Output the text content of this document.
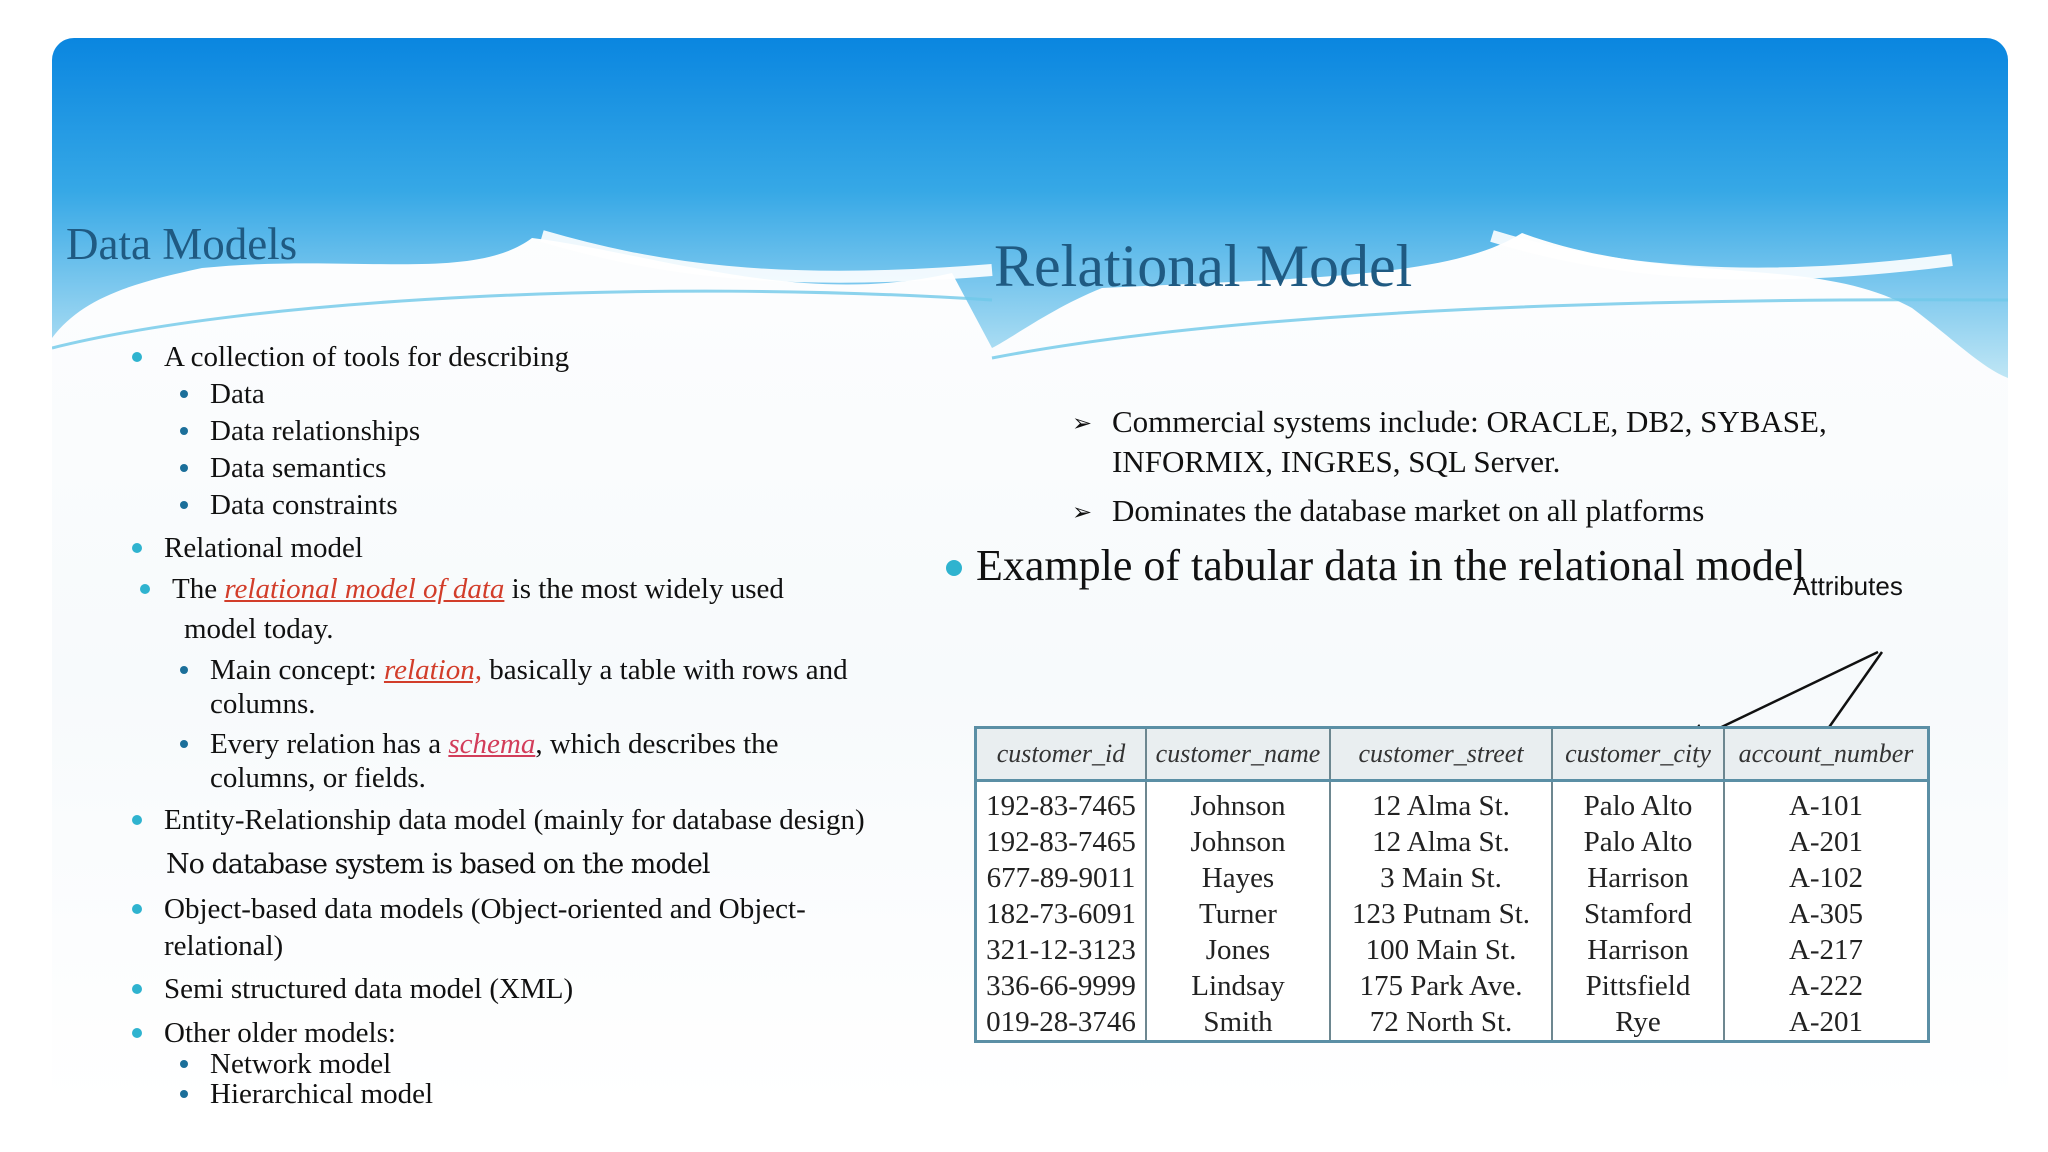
Data Models
A collection of tools for describing
Data
Data relationships
Data semantics
Data constraints
Relational model
The relational model of data is the most widely used
model today.
Main concept: relation, basically a table with rows and
columns.
Every relation has a schema, which describes the
columns, or fields.
Entity-Relationship data model (mainly for database design)
No database system is based on the model
Object-based data models (Object-oriented and Object-
relational)
Semi structured data model (XML)
Other older models:
Network model
Hierarchical model
Relational Model
➢ Commercial systems include: ORACLE, DB2, SYBASE,
INFORMIX, INGRES, SQL Server.
➢ Dominates the database market on all platforms
Example of tabular data in the relational model
Attributes
customer_id	customer_name	customer_street	customer_city	account_number
192-83-7465	Johnson	12 Alma St.	Palo Alto	A-101
192-83-7465	Johnson	12 Alma St.	Palo Alto	A-201
677-89-9011	Hayes	3 Main St.	Harrison	A-102
182-73-6091	Turner	123 Putnam St.	Stamford	A-305
321-12-3123	Jones	100 Main St.	Harrison	A-217
336-66-9999	Lindsay	175 Park Ave.	Pittsfield	A-222
019-28-3746	Smith	72 North St.	Rye	A-201
